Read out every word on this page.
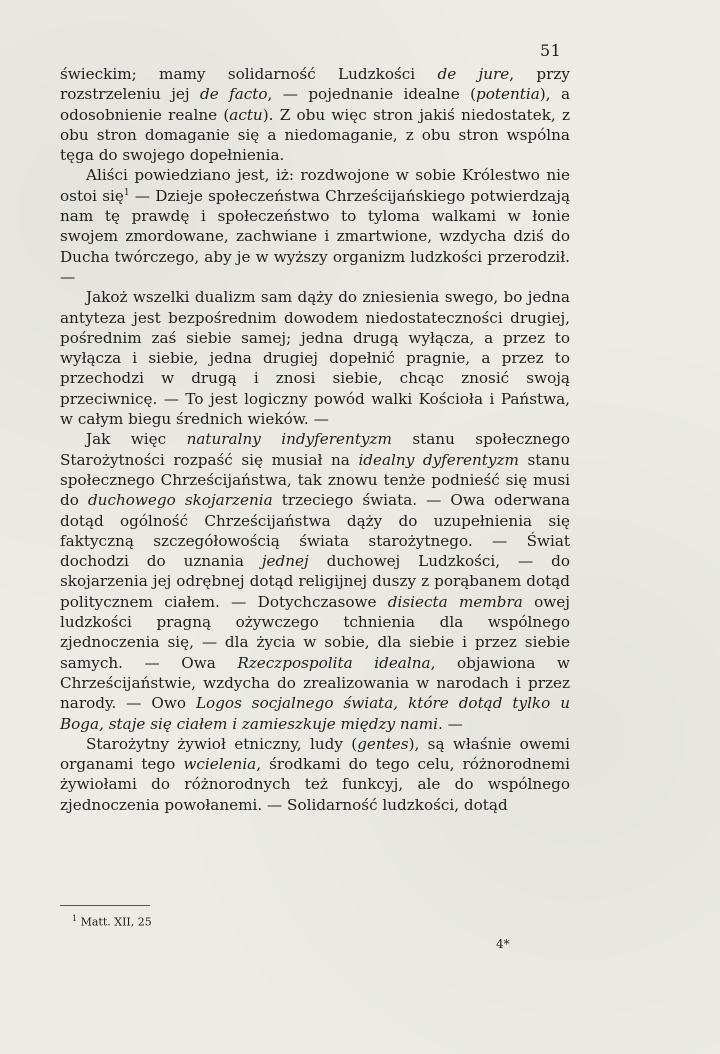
51

świeckim; mamy solidarność Ludzkości de jure, przy rozstrzeleniu jej de facto, — pojednanie idealne (potentia), a odosobnienie realne (actu). Z obu więc stron jakiś niedostatek, z obu stron domaganie się a niedomaganie, z obu stron wspólna tęga do swojego dopełnienia.

Aliści powiedziano jest, iż: rozdwojone w sobie Królestwo nie ostoi się$^1$ — Dzieje społeczeństwa Chrześcijańskiego potwierdzają nam tę prawdę i społeczeństwo to tyloma walkami w łonie swojem zmordowane, zachwiane i zmartwione, wzdycha dziś do Ducha twórczego, aby je w wyższy organizm ludzkości przerodził. —

Jakoż wszelki dualizm sam dąży do zniesienia swego, bo jedna antyteza jest bezpośrednim dowodem niedostateczności drugiej, pośrednim zaś siebie samej; jedna drugą wyłącza, a przez to wyłącza i siebie, jedna drugiej dopełnić pragnie, a przez to przechodzi w drugą i znosi siebie, chcąc znosić swoją przeciwnicę. — To jest logiczny powód walki Kościoła i Państwa, w całym biegu średnich wieków. —

Jak więc naturalny indyferentyzm stanu społecznego Starożytności rozpaść się musiał na idealny dyferentyzm stanu społecznego Chrześcijaństwa, tak znowu tenże podnieść się musi do duchowego skojarzenia trzeciego świata. — Owa oderwana dotąd ogólność Chrześcijaństwa dąży do uzupełnienia się faktyczną szczegółowością świata starożytnego. — Świat dochodzi do uznania jednej duchowej Ludzkości, — do skojarzenia jej odrębnej dotąd religijnej duszy z porąbanem dotąd politycznem ciałem. — Dotychczasowe disiecta membra owej ludzkości pragną ożywczego tchnienia dla wspólnego zjednoczenia się, — dla życia w sobie, dla siebie i przez siebie samych. — Owa Rzeczpospolita idealna, objawiona w Chrześcijaństwie, wzdycha do zrealizowania w narodach i przez narody. — Owo Logos socjalnego świata, które dotąd tylko u Boga, staje się ciałem i zamieszkuje między nami. —

Starożytny żywioł etniczny, ludy (gentes), są właśnie owemi organami tego wcielenia, środkami do tego celu, różnorodnemi żywiołami do różnorodnych też funkcyj, ale do wspólnego zjednoczenia powołanemi. — Solidarność ludzkości, dotąd

$^1$ Matt. XII, 25
4*
